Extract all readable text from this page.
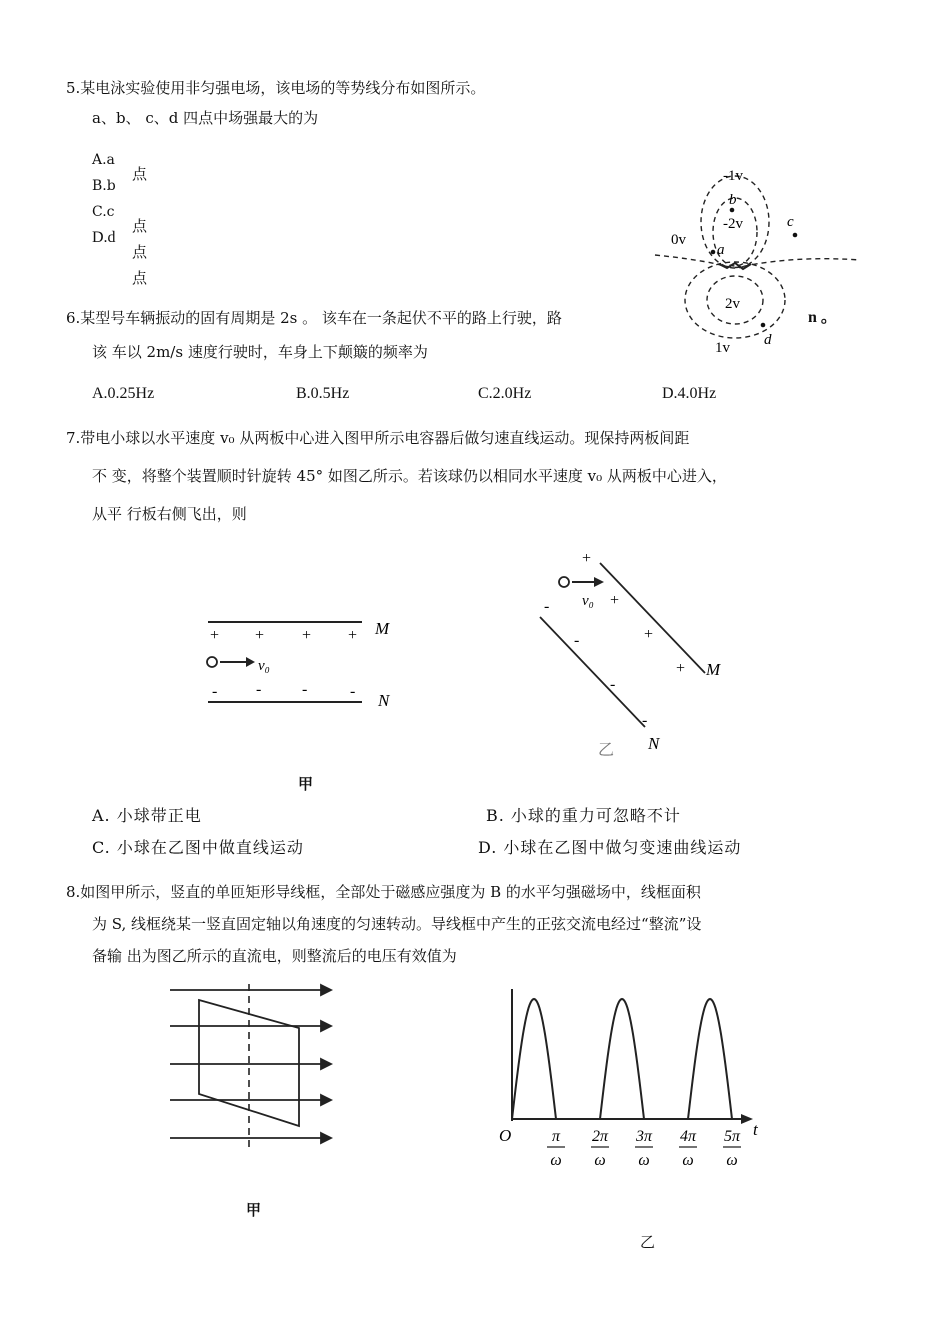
5.某电泳实验使用非匀强电场，该电场的等势线分布如图所示。
a、b、 c、d 四点中场强最大的为
A.a
B.b
C.c
D.d
点
点
点
点
-1v
-2v
0v
2v
1v
a
b
c
d
6.某型号车辆振动的固有周期是 2s 。 该车在一条起伏不平的路上行驶，路	n 。
该 车以 2m/s 速度行驶时，车身上下颠簸的频率为
A.0.25Hz	B.0.5Hz	C.2.0Hz	D.4.0Hz
7.带电小球以水平速度 v₀ 从两板中心进入图甲所示电容器后做匀速直线运动。现保持两板间距
不 变，将整个装置顺时针旋转 45° 如图乙所示。若该球仍以相同水平速度 v₀ 从两板中心进入，
从平 行板右侧飞出，则
+ + + +
- -	-	-
M
N
v₀
甲
+
+
+
+
-
-
-
-
M
N
v₀
乙
A. 小球带正电	B. 小球的重力可忽略不计
C. 小球在乙图中做直线运动	D. 小球在乙图中做匀变速曲线运动
8.如图甲所示，竖直的单匝矩形导线框，全部处于磁感应强度为 B 的水平匀强磁场中，线框面积
为 S, 线框绕某一竖直固定轴以角速度的匀速转动。导线框中产生的正弦交流电经过“整流”设
备输 出为图乙所示的直流电，则整流后的电压有效值为
甲
π
ω
2π
ω
3π
ω
4π
ω
5π
ω
O	t
乙
